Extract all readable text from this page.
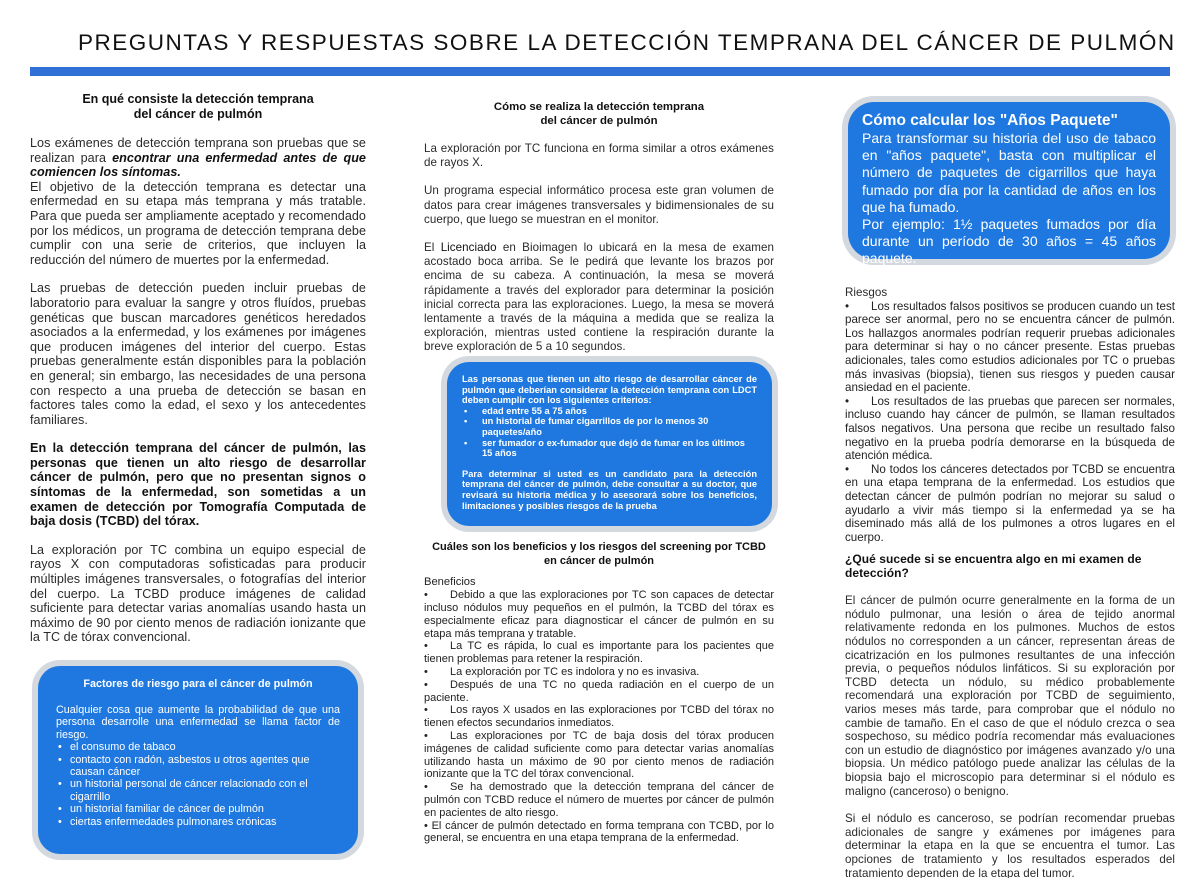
PREGUNTAS Y RESPUESTAS SOBRE LA DETECCIÓN TEMPRANA DEL CÁNCER DE PULMÓN
En qué consiste la detección temprana
del cáncer de pulmón

Los exámenes de detección temprana son pruebas que se realizan para encontrar una enfermedad antes de que comiencen los síntomas.

El objetivo de la detección temprana es detectar una enfermedad en su etapa más temprana y más tratable. Para que pueda ser ampliamente aceptado y recomendado por los médicos, un programa de detección temprana debe cumplir con una serie de criterios, que incluyen la reducción del número de muertes por la enfermedad.

Las pruebas de detección pueden incluir pruebas de laboratorio para evaluar la sangre y otros fluídos, pruebas genéticas que buscan marcadores genéticos heredados asociados a la enfermedad, y los exámenes por imágenes que producen imágenes del interior del cuerpo. Estas pruebas generalmente están disponibles para la población en general; sin embargo, las necesidades de una persona con respecto a una prueba de detección se basan en factores tales como la edad, el sexo y los antecedentes familiares.

En la detección temprana del cáncer de pulmón, las personas que tienen un alto riesgo de desarrollar cáncer de pulmón, pero que no presentan signos o síntomas de la enfermedad, son sometidas a un examen de detección por Tomografía Computada de baja dosis (TCBD) del tórax.

La exploración por TC combina un equipo especial de rayos X con computadoras sofisticadas para producir múltiples imágenes transversales, o fotografías del interior del cuerpo. La TCBD produce imágenes de calidad suficiente para detectar varias anomalías usando hasta un máximo de 90 por ciento menos de radiación ionizante que la TC de tórax convencional.

Factores de riesgo para el cáncer de pulmón
Cualquier cosa que aumente la probabilidad de que una persona desarrolle una enfermedad se llama factor de riesgo.
• el consumo de tabaco
• contacto con radón, asbestos u otros agentes que causan cáncer
• un historial personal de cáncer relacionado con el cigarrillo
• un historial familiar de cáncer de pulmón
• ciertas enfermedades pulmonares crónicas
Cómo se realiza la detección temprana
del cáncer de pulmón

La exploración por TC funciona en forma similar a otros exámenes de rayos X.

Un programa especial informático procesa este gran volumen de datos para crear imágenes transversales y bidimensionales de su cuerpo, que luego se muestran en el monitor.

El Licenciado en Bioimagen lo ubicará en la mesa de examen acostado boca arriba. Se le pedirá que levante los brazos por encima de su cabeza. A continuación, la mesa se moverá rápidamente a través del explorador para determinar la posición inicial correcta para las exploraciones. Luego, la mesa se moverá lentamente a través de la máquina a medida que se realiza la exploración, mientras usted contiene la respiración durante la breve exploración de 5 a 10 segundos.

Las personas que tienen un alto riesgo de desarrollar cáncer de pulmón que deberían considerar la detección temprana con LDCT deben cumplir con los siguientes criterios:
• edad entre 55 a 75 años
• un historial de fumar cigarrillos de por lo menos 30 paquetes/año
• ser fumador o ex-fumador que dejó de fumar en los últimos 15 años
Para determinar si usted es un candidato para la detección temprana del cáncer de pulmón, debe consultar a su doctor, que revisará su historia médica y lo asesorará sobre los beneficios, limitaciones y posibles riesgos de la prueba
Cuáles son los beneficios y los riesgos del screening por TCBD
en cáncer de pulmón
Beneficios
• Debido a que las exploraciones por TC son capaces de detectar incluso nódulos muy pequeños en el pulmón, la TCBD del tórax es especialmente eficaz para diagnosticar el cáncer de pulmón en su etapa más temprana y tratable.
• La TC es rápida, lo cual es importante para los pacientes que tienen problemas para retener la respiración.
• La exploración por TC es indolora y no es invasiva.
• Después de una TC no queda radiación en el cuerpo de un paciente.
• Los rayos X usados en las exploraciones por TCBD del tórax no tienen efectos secundarios inmediatos.
• Las exploraciones por TC de baja dosis del tórax producen imágenes de calidad suficiente como para detectar varias anomalías utilizando hasta un máximo de 90 por ciento menos de radiación ionizante que la TC del tórax convencional.
• Se ha demostrado que la detección temprana del cáncer de pulmón con TCBD reduce el número de muertes por cáncer de pulmón en pacientes de alto riesgo.
• El cáncer de pulmón detectado en forma temprana con TCBD, por lo general, se encuentra en una etapa temprana de la enfermedad.
Cómo calcular los "Años Paquete"
Para transformar su historia del uso de tabaco en "años paquete", basta con multiplicar el número de paquetes de cigarrillos que haya fumado por día por la cantidad de años en los que ha fumado.
Por ejemplo: 1½ paquetes fumados por día durante un período de 30 años = 45 años paquete.
Riesgos
• Los resultados falsos positivos se producen cuando un test parece ser anormal, pero no se encuentra cáncer de pulmón. Los hallazgos anormales podrían requerir pruebas adicionales para determinar si hay o no cáncer presente. Estas pruebas adicionales, tales como estudios adicionales por TC o pruebas más invasivas (biopsia), tienen sus riesgos y pueden causar ansiedad en el paciente.
• Los resultados de las pruebas que parecen ser normales, incluso cuando hay cáncer de pulmón, se llaman resultados falsos negativos. Una persona que recibe un resultado falso negativo en la prueba podría demorarse en la búsqueda de atención médica.
• No todos los cánceres detectados por TCBD se encuentra en una etapa temprana de la enfermedad. Los estudios que detectan cáncer de pulmón podrían no mejorar su salud o ayudarlo a vivir más tiempo si la enfermedad ya se ha diseminado más allá de los pulmones a otros lugares en el cuerpo.
¿Qué sucede si se encuentra algo en mi examen de detección?

El cáncer de pulmón ocurre generalmente en la forma de un nódulo pulmonar, una lesión o área de tejido anormal relativamente redonda en los pulmones. Muchos de estos nódulos no corresponden a un cáncer, representan áreas de cicatrización en los pulmones resultantes de una infección previa, o pequeños nódulos linfáticos. Si su exploración por TCBD detecta un nódulo, su médico probablemente recomendará una exploración por TCBD de seguimiento, varios meses más tarde, para comprobar que el nódulo no cambie de tamaño. En el caso de que el nódulo crezca o sea sospechoso, su médico podría recomendar más evaluaciones con un estudio de diagnóstico por imágenes avanzado y/o una biopsia. Un médico patólogo puede analizar las células de la biopsia bajo el microscopio para determinar si el nódulo es maligno (canceroso) o benigno.

Si el nódulo es canceroso, se podrían recomendar pruebas adicionales de sangre y exámenes por imágenes para determinar la etapa en la que se encuentra el tumor. Las opciones de tratamiento y los resultados esperados del tratamiento dependen de la etapa del tumor.
